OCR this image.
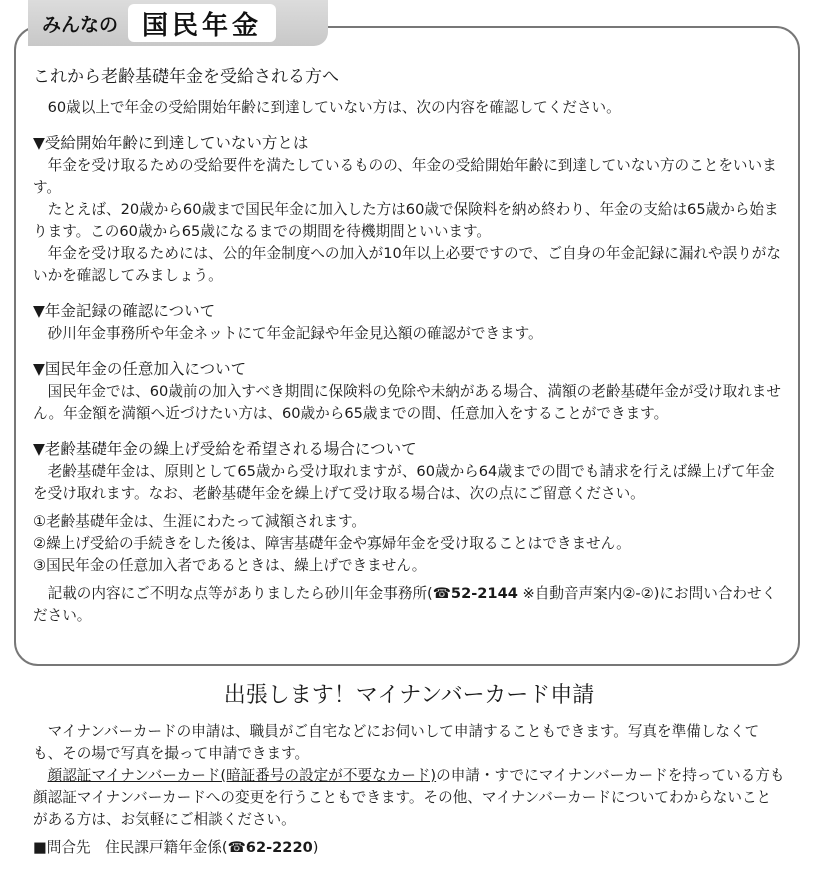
みんなの 国民年金

これから老齢基礎年金を受給される方へ

60歳以上で年金の受給開始年齢に到達していない方は、次の内容を確認してください。

▼受給開始年齢に到達していない方とは

年金を受け取るための受給要件を満たしているものの、年金の受給開始年齢に到達していない方のことをいいます。

たとえば、20歳から60歳まで国民年金に加入した方は60歳で保険料を納め終わり、年金の支給は65歳から始まります。この60歳から65歳になるまでの期間を待機期間といいます。

年金を受け取るためには、公的年金制度への加入が10年以上必要ですので、ご自身の年金記録に漏れや誤りがないかを確認してみましょう。

▼年金記録の確認について

砂川年金事務所や年金ネットにて年金記録や年金見込額の確認ができます。

▼国民年金の任意加入について

国民年金では、60歳前の加入すべき期間に保険料の免除や未納がある場合、満額の老齢基礎年金が受け取れません。年金額を満額へ近づけたい方は、60歳から65歳までの間、任意加入をすることができます。

▼老齢基礎年金の繰上げ受給を希望される場合について

老齢基礎年金は、原則として65歳から受け取れますが、60歳から64歳までの間でも請求を行えば繰上げて年金を受け取れます。なお、老齢基礎年金を繰上げて受け取る場合は、次の点にご留意ください。

①老齢基礎年金は、生涯にわたって減額されます。

②繰上げ受給の手続きをした後は、障害基礎年金や寡婦年金を受け取ることはできません。

③国民年金の任意加入者であるときは、繰上げできません。

記載の内容にご不明な点等がありましたら砂川年金事務所(☎52-2144 ※自動音声案内②-②)にお問い合わせください。

出張します！マイナンバーカード申請

マイナンバーカードの申請は、職員がご自宅などにお伺いして申請することもできます。写真を準備しなくても、その場で写真を撮って申請できます。

顔認証マイナンバーカード(暗証番号の設定が不要なカード)の申請・すでにマイナンバーカードを持っている方も顔認証マイナンバーカードへの変更を行うこともできます。その他、マイナンバーカードについてわからないことがある方は、お気軽にご相談ください。

■問合先　住民課戸籍年金係(☎62-2220)
